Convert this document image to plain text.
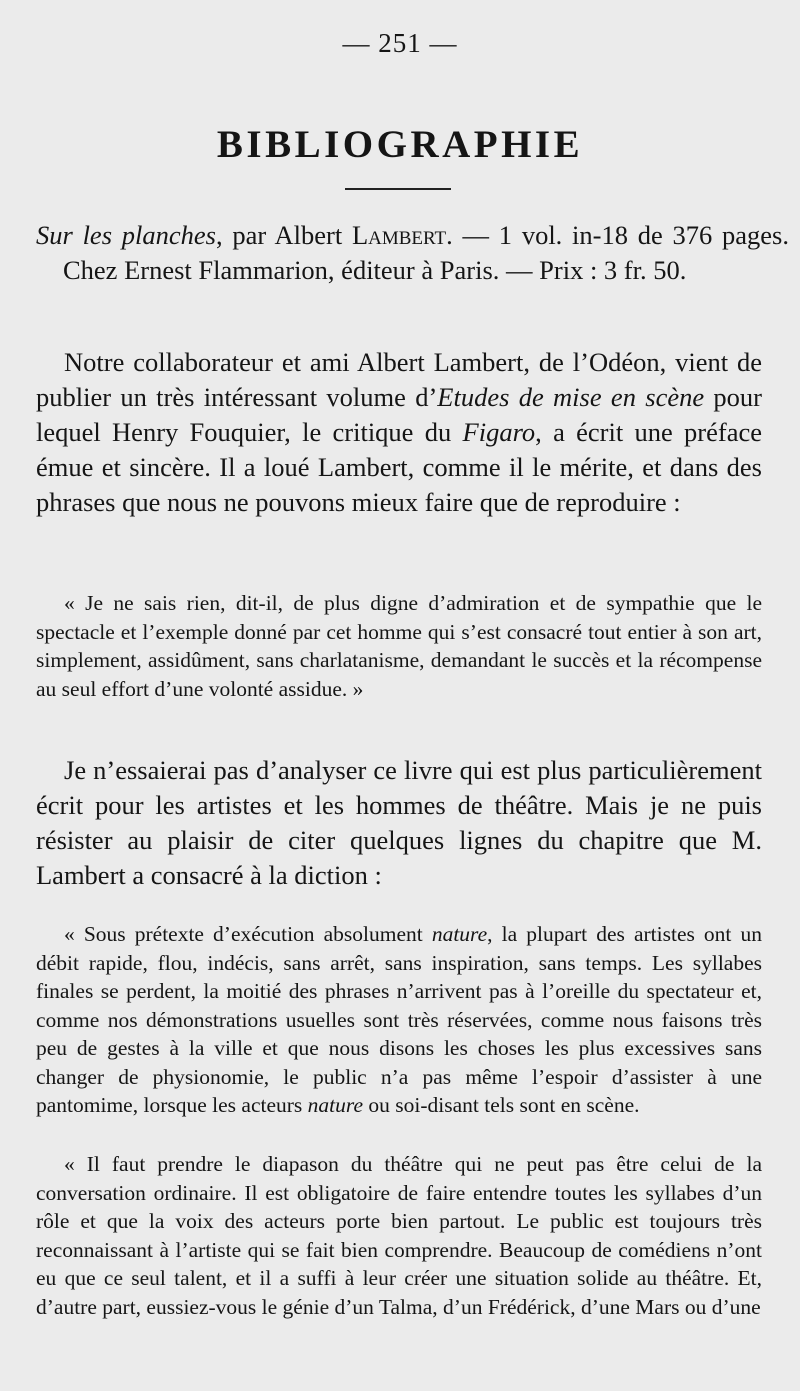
— 251 —
BIBLIOGRAPHIE

Sur les planches, par Albert Lambert. — 1 vol. in-18 de 376 pages. Chez Ernest Flammarion, éditeur à Paris. — Prix : 3 fr. 50.

Notre collaborateur et ami Albert Lambert, de l’Odéon, vient de publier un très intéressant volume d’Etudes de mise en scène pour lequel Henry Fouquier, le critique du Figaro, a écrit une préface émue et sincère. Il a loué Lambert, comme il le mérite, et dans des phrases que nous ne pouvons mieux faire que de reproduire :

« Je ne sais rien, dit-il, de plus digne d’admiration et de sympathie que le spectacle et l’exemple donné par cet homme qui s’est consacré tout entier à son art, simplement, assidûment, sans charlatanisme, demandant le succès et la récompense au seul effort d’une volonté assidue. »

Je n’essaierai pas d’analyser ce livre qui est plus particulièrement écrit pour les artistes et les hommes de théâtre. Mais je ne puis résister au plaisir de citer quelques lignes du chapitre que M. Lambert a consacré à la diction :

« Sous prétexte d’exécution absolument nature, la plupart des artistes ont un débit rapide, flou, indécis, sans arrêt, sans inspiration, sans temps. Les syllabes finales se perdent, la moitié des phrases n’arrivent pas à l’oreille du spectateur et, comme nos démonstrations usuelles sont très réservées, comme nous faisons très peu de gestes à la ville et que nous disons les choses les plus excessives sans changer de physionomie, le public n’a pas même l’espoir d’assister à une pantomime, lorsque les acteurs nature ou soi-disant tels sont en scène.

« Il faut prendre le diapason du théâtre qui ne peut pas être celui de la conversation ordinaire. Il est obligatoire de faire entendre toutes les syllabes d’un rôle et que la voix des acteurs porte bien partout. Le public est toujours très reconnaissant à l’artiste qui se fait bien comprendre. Beaucoup de comédiens n’ont eu que ce seul talent, et il a suffi à leur créer une situation solide au théâtre. Et, d’autre part, eussiez-vous le génie d’un Talma, d’un Frédérick, d’une Mars ou d’une
